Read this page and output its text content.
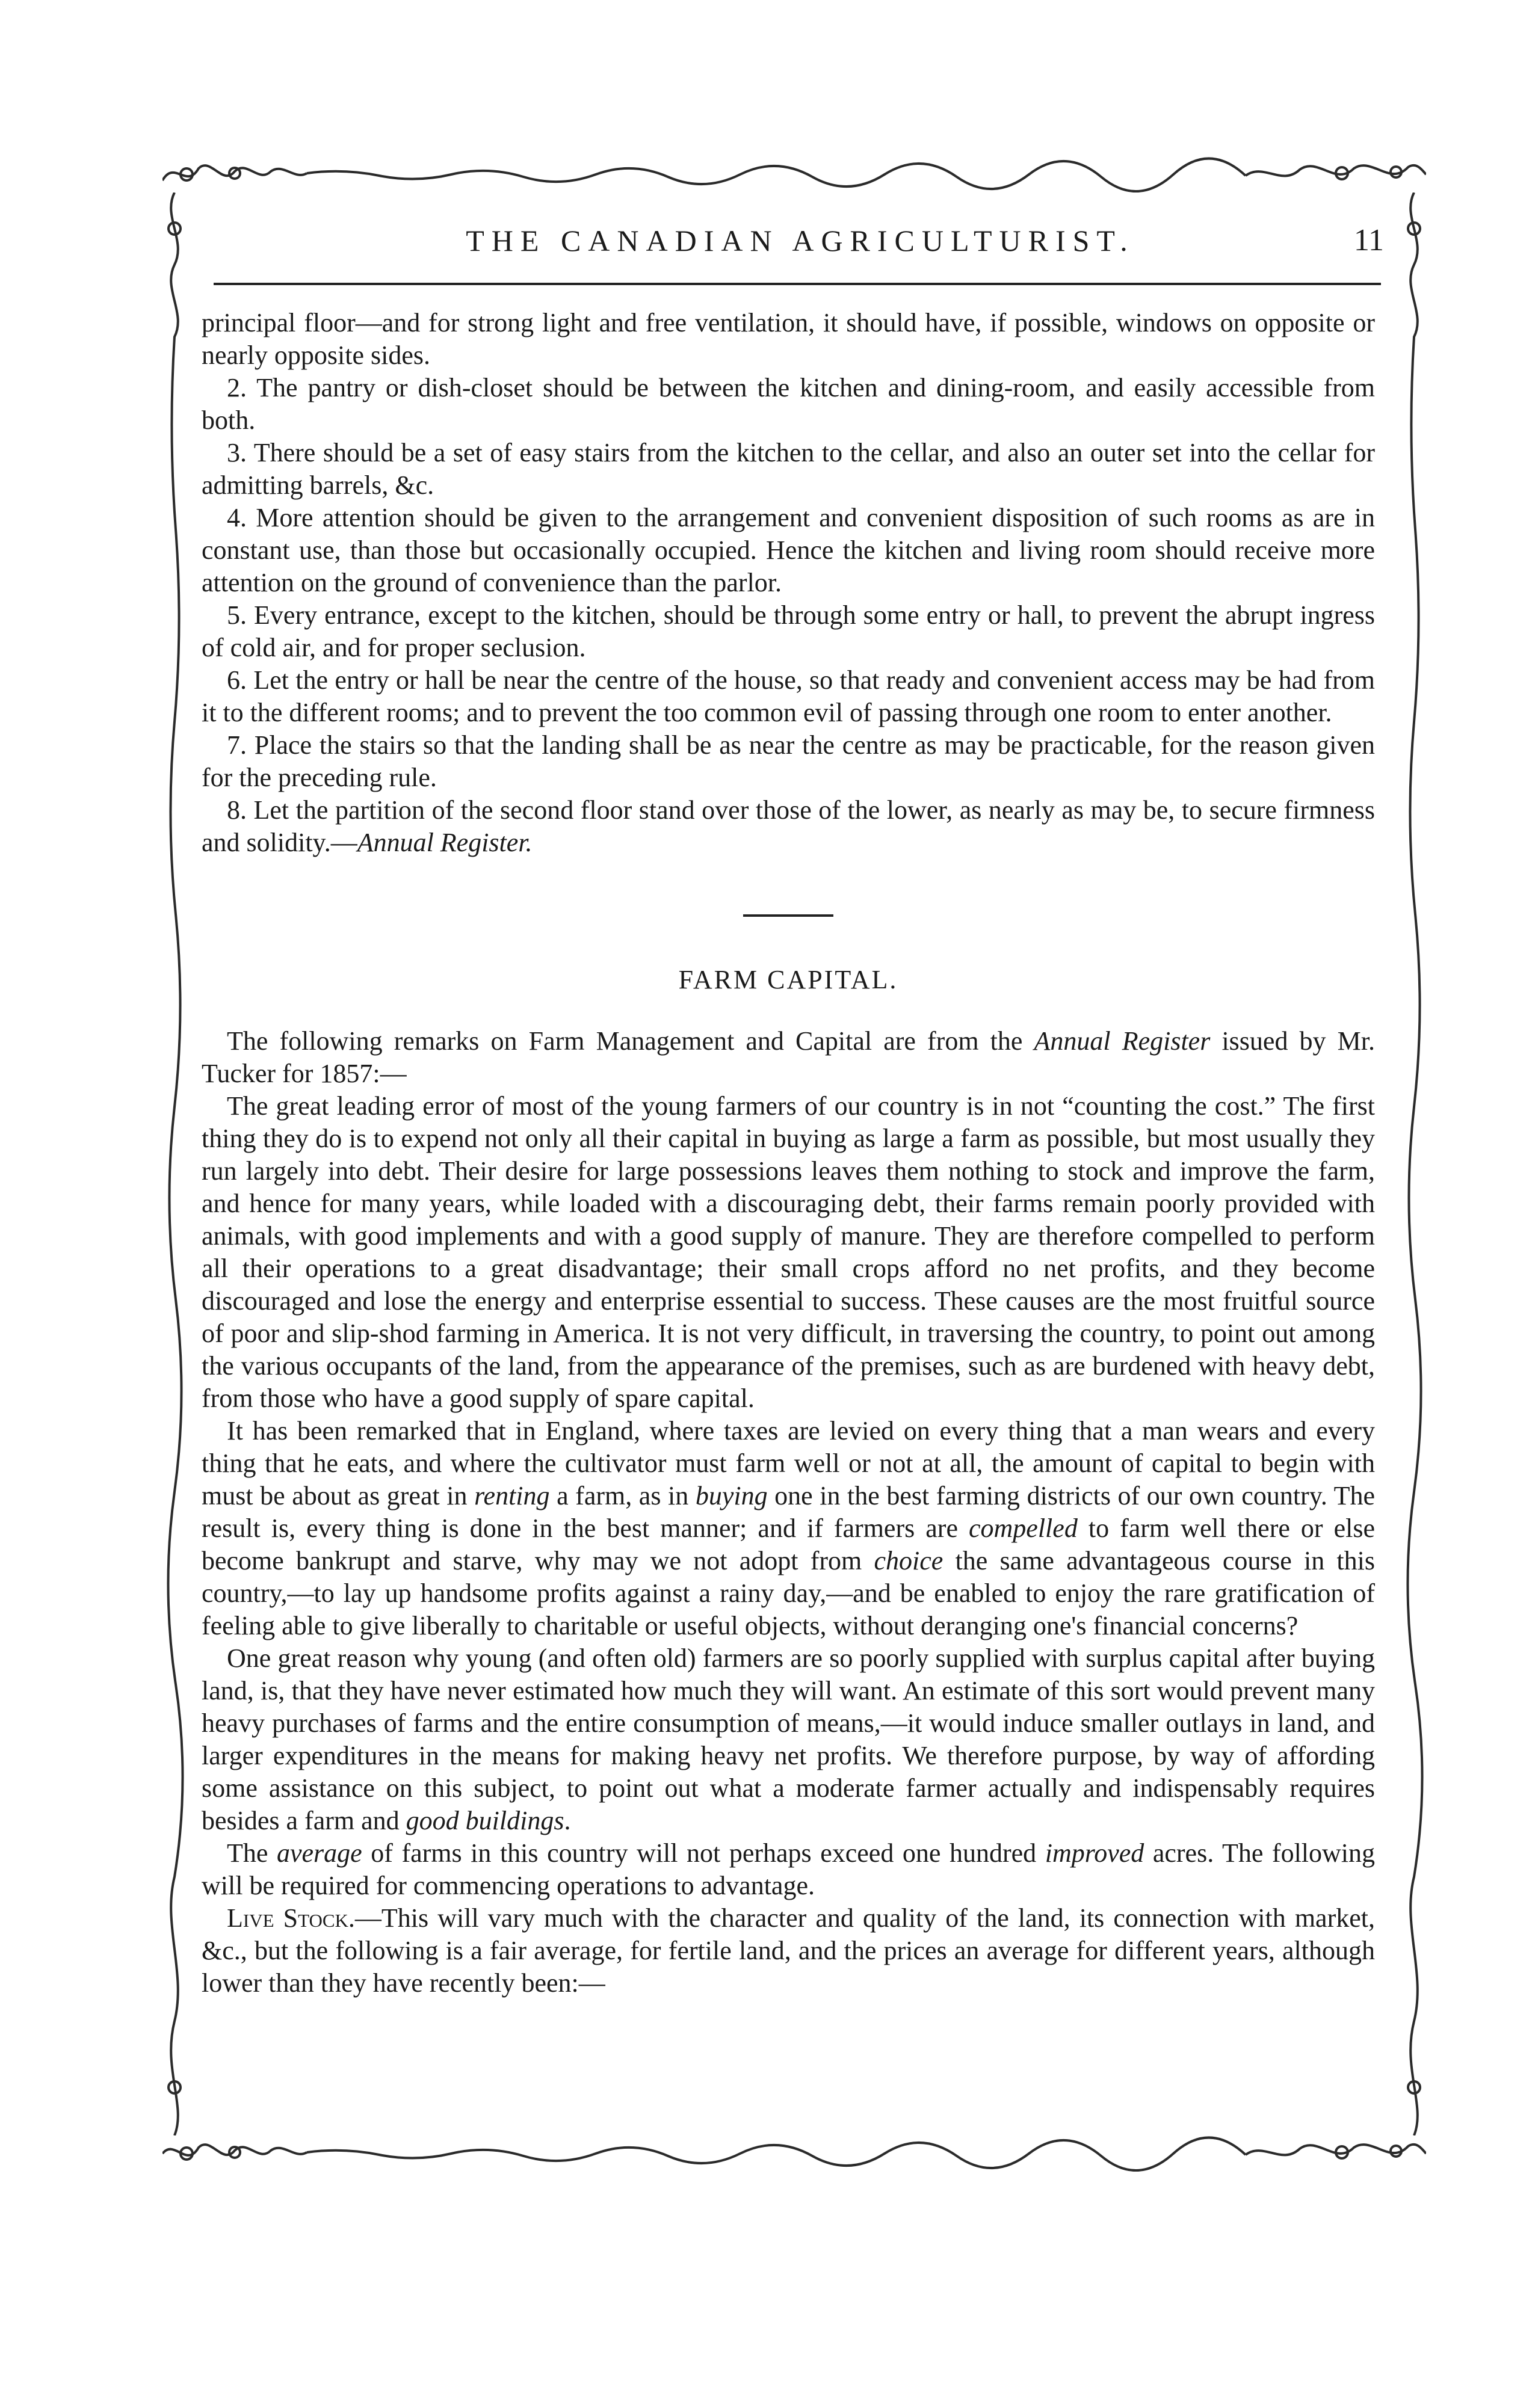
THE CANADIAN AGRICULTURIST.	11

principal floor—and for strong light and free ventilation, it should have, if possible, windows on opposite or nearly opposite sides.

2. The pantry or dish-closet should be between the kitchen and dining-room, and easily accessible from both.

3. There should be a set of easy stairs from the kitchen to the cellar, and also an outer set into the cellar for admitting barrels, &c.

4. More attention should be given to the arrangement and convenient disposition of such rooms as are in constant use, than those but occasionally occupied. Hence the kitchen and living room should receive more attention on the ground of convenience than the parlor.

5. Every entrance, except to the kitchen, should be through some entry or hall, to prevent the abrupt ingress of cold air, and for proper seclusion.

6. Let the entry or hall be near the centre of the house, so that ready and convenient access may be had from it to the different rooms; and to prevent the too common evil of passing through one room to enter another.

7. Place the stairs so that the landing shall be as near the centre as may be practicable, for the reason given for the preceding rule.

8. Let the partition of the second floor stand over those of the lower, as nearly as may be, to secure firmness and solidity.—Annual Register.

FARM CAPITAL.

The following remarks on Farm Management and Capital are from the Annual Register issued by Mr. Tucker for 1857:—

The great leading error of most of the young farmers of our country is in not “counting the cost.” The first thing they do is to expend not only all their capital in buying as large a farm as possible, but most usually they run largely into debt. Their desire for large possessions leaves them nothing to stock and improve the farm, and hence for many years, while loaded with a discouraging debt, their farms remain poorly provided with animals, with good implements and with a good supply of manure. They are therefore compelled to perform all their operations to a great disadvantage; their small crops afford no net profits, and they become discouraged and lose the energy and enterprise essential to success. These causes are the most fruitful source of poor and slip-shod farming in America. It is not very difficult, in traversing the country, to point out among the various occupants of the land, from the appearance of the premises, such as are burdened with heavy debt, from those who have a good supply of spare capital.

It has been remarked that in England, where taxes are levied on every thing that a man wears and every thing that he eats, and where the cultivator must farm well or not at all, the amount of capital to begin with must be about as great in renting a farm, as in buying one in the best farming districts of our own country. The result is, every thing is done in the best manner; and if farmers are compelled to farm well there or else become bankrupt and starve, why may we not adopt from choice the same advantageous course in this country,—to lay up handsome profits against a rainy day,—and be enabled to enjoy the rare gratification of feeling able to give liberally to charitable or useful objects, without deranging one's financial concerns?

One great reason why young (and often old) farmers are so poorly supplied with surplus capital after buying land, is, that they have never estimated how much they will want. An estimate of this sort would prevent many heavy purchases of farms and the entire consumption of means,—it would induce smaller outlays in land, and larger expenditures in the means for making heavy net profits. We therefore purpose, by way of affording some assistance on this subject, to point out what a moderate farmer actually and indispensably requires besides a farm and good buildings.

The average of farms in this country will not perhaps exceed one hundred improved acres. The following will be required for commencing operations to advantage.

Live Stock.—This will vary much with the character and quality of the land, its connection with market, &c., but the following is a fair average, for fertile land, and the prices an average for different years, although lower than they have recently been:—
